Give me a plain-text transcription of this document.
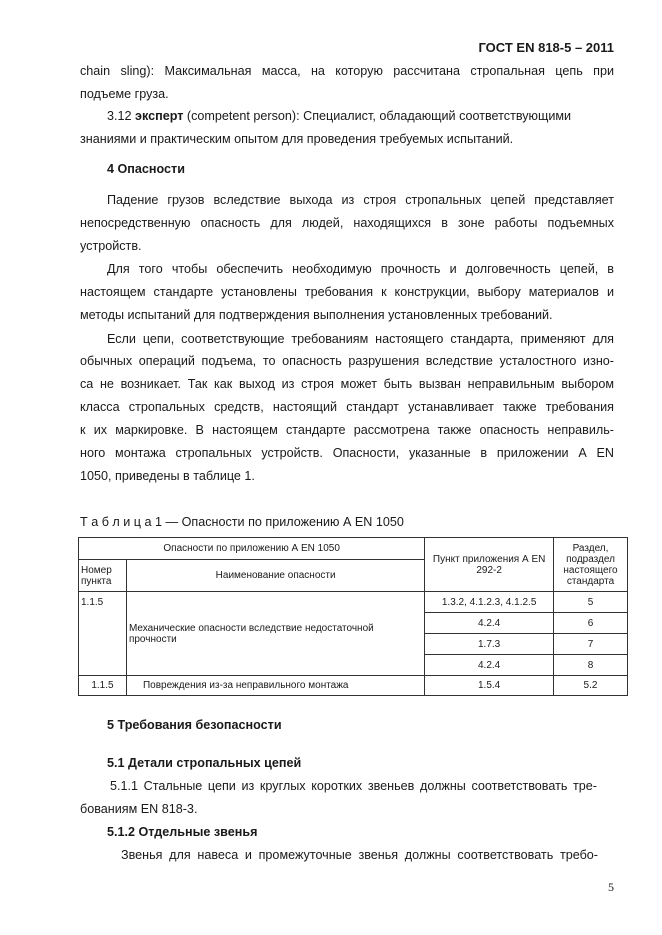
ГОСТ EN 818-5 – 2011
chain sling): Максимальная масса, на которую рассчитана стропальная цепь при
подъеме груза.
3.12 эксперт (competent person): Специалист, обладающий соответствующими
знаниями и практическим опытом для проведения требуемых испытаний.
4 Опасности
Падение грузов вследствие выхода из строя стропальных цепей представляет
непосредственную опасность для людей, находящихся в зоне работы подъемных
устройств.
Для того чтобы обеспечить необходимую прочность и долговечность цепей, в
настоящем стандарте установлены требования к конструкции, выбору материалов и
методы испытаний для подтверждения выполнения установленных требований.
Если цепи, соответствующие требованиям настоящего стандарта, применяют для
обычных операций подъема, то опасность разрушения вследствие усталостного изно-
са не возникает. Так как выход из строя может быть вызван неправильным выбором
класса стропальных средств, настоящий стандарт устанавливает также требования
к их маркировке. В настоящем стандарте рассмотрена также опасность неправиль-
ного монтажа стропальных устройств. Опасности, указанные в приложении А EN
1050, приведены в таблице 1.
Т а б л и ц а 1 — Опасности по приложению А EN 1050
Опасности по приложению А EN 1050		Пункт приложения А EN 292-2	Раздел, подраздел настоящего стандарта
Номер пункта	Наименование опасности		
1.1.5	Механические опасности вследствие недостаточной прочности	1.3.2, 4.1.2.3, 4.1.2.5	5
		4.2.4	6
		1.7.3	7
		4.2.4	8
1.1.5	Повреждения из-за неправильного монтажа	1.5.4	5.2
5 Требования безопасности
5.1 Детали стропальных цепей
5.1.1 Стальные цепи из круглых коротких звеньев должны соответствовать тре-
бованиям EN 818-3.
5.1.2 Отдельные звенья
Звенья для навеса и промежуточные звенья должны соответствовать требо-
5
